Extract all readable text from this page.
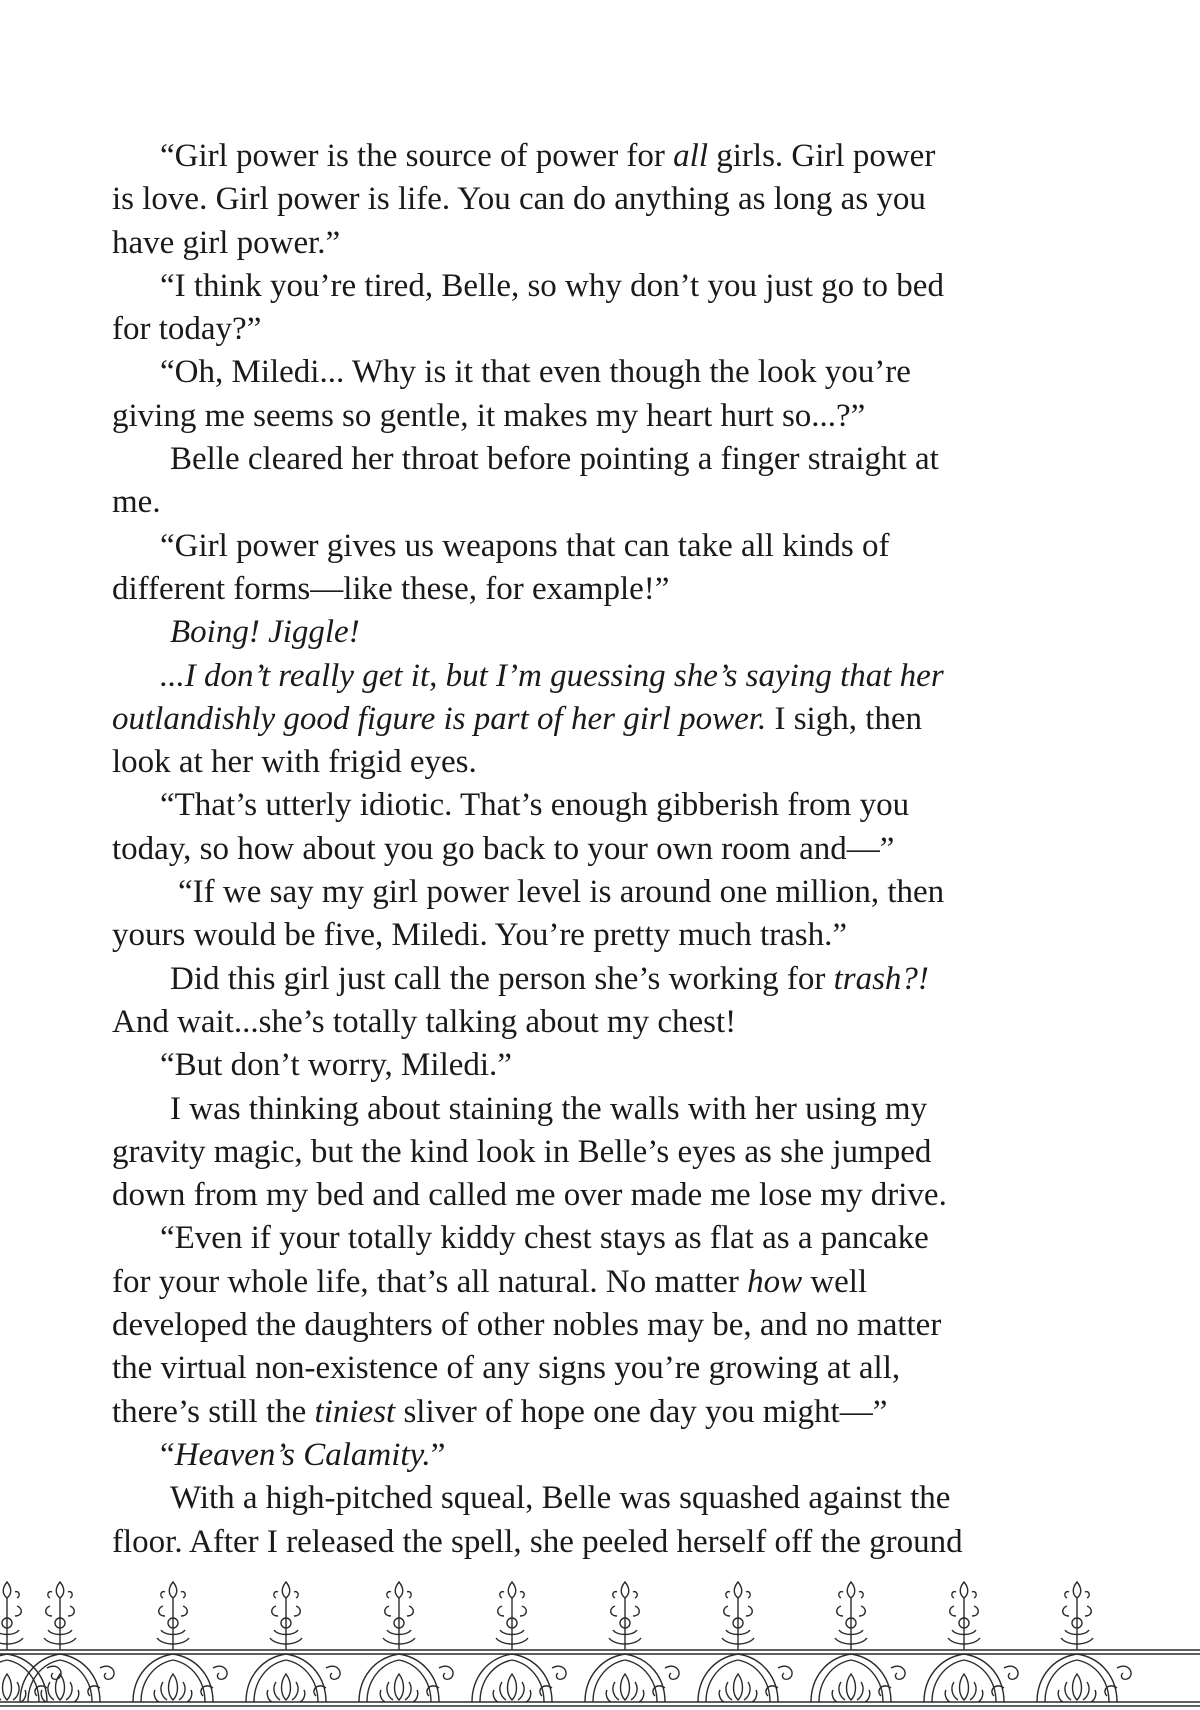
“Girl power is the source of power for all girls. Girl power
is love. Girl power is life. You can do anything as long as you
have girl power.”
“I think you’re tired, Belle, so why don’t you just go to bed
for today?”
“Oh, Miledi... Why is it that even though the look you’re
giving me seems so gentle, it makes my heart hurt so...?”
Belle cleared her throat before pointing a finger straight at
me.
“Girl power gives us weapons that can take all kinds of
different forms—like these, for example!”
Boing! Jiggle!
...I don’t really get it, but I’m guessing she’s saying that her
outlandishly good figure is part of her girl power. I sigh, then
look at her with frigid eyes.
“That’s utterly idiotic. That’s enough gibberish from you
today, so how about you go back to your own room and—”
“If we say my girl power level is around one million, then
yours would be five, Miledi. You’re pretty much trash.”
Did this girl just call the person she’s working for trash?!
And wait...she’s totally talking about my chest!
“But don’t worry, Miledi.”
I was thinking about staining the walls with her using my
gravity magic, but the kind look in Belle’s eyes as she jumped
down from my bed and called me over made me lose my drive.
“Even if your totally kiddy chest stays as flat as a pancake
for your whole life, that’s all natural. No matter how well
developed the daughters of other nobles may be, and no matter
the virtual non-existence of any signs you’re growing at all,
there’s still the tiniest sliver of hope one day you might—”
“Heaven’s Calamity.”
With a high-pitched squeal, Belle was squashed against the
floor. After I released the spell, she peeled herself off the ground
